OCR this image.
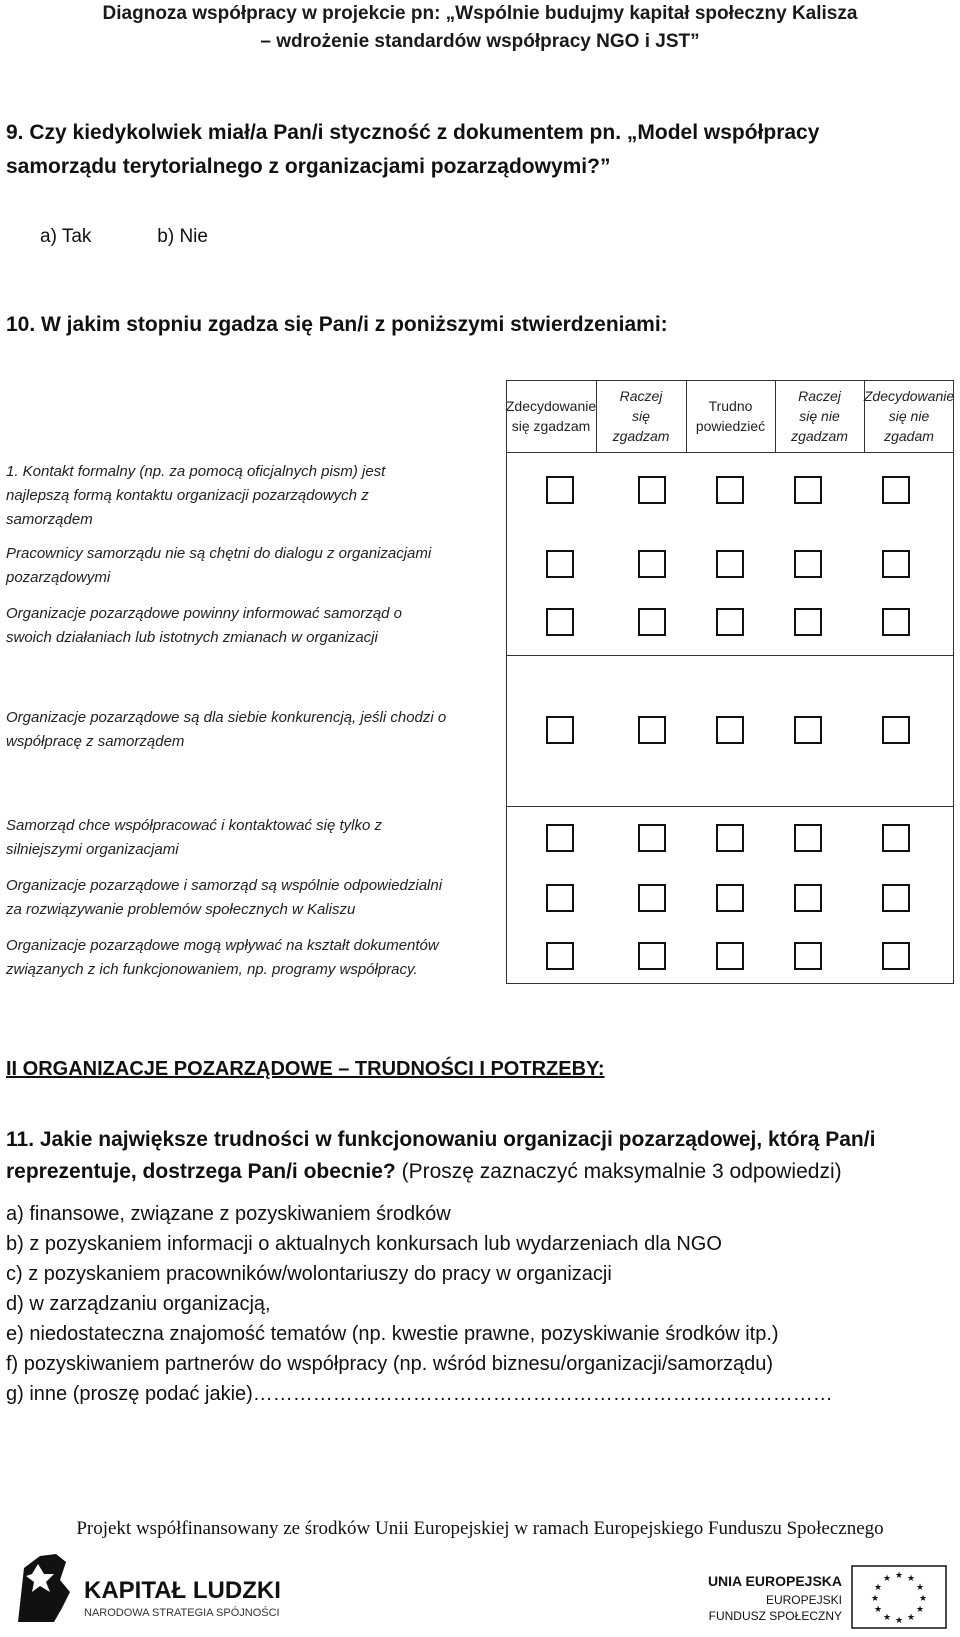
Diagnoza współpracy w projekcie pn: „Wspólnie budujmy kapitał społeczny Kalisza
– wdrożenie standardów współpracy NGO i JST”
9. Czy kiedykolwiek miał/a Pan/i styczność z dokumentem pn. „Model współpracy
samorządu terytorialnego z organizacjami pozarządowymi?”
a) Tak	b) Nie
10. W jakim stopniu zgadza się Pan/i z poniższymi stwierdzeniami:
Zdecydowanie
się zgadzam
Raczej
się
zgadzam
Trudno
powiedzieć
Raczej
się nie
zgadzam
Zdecydowanie
się nie
zgadam
1. Kontakt formalny (np. za pomocą oficjalnych pism) jest
najlepszą formą kontaktu organizacji pozarządowych z
samorządem
Pracownicy samorządu nie są chętni do dialogu z organizacjami
pozarządowymi
Organizacje pozarządowe powinny informować samorząd o
swoich działaniach lub istotnych zmianach w organizacji
Organizacje pozarządowe są dla siebie konkurencją, jeśli chodzi o
współpracę z samorządem
Samorząd chce współpracować i kontaktować się tylko z
silniejszymi organizacjami
Organizacje pozarządowe i samorząd są wspólnie odpowiedzialni
za rozwiązywanie problemów społecznych w Kaliszu
Organizacje pozarządowe mogą wpływać na kształt dokumentów
związanych z ich funkcjonowaniem, np. programy współpracy.
II ORGANIZACJE POZARZĄDOWE – TRUDNOŚCI I POTRZEBY:
11. Jakie największe trudności w funkcjonowaniu organizacji pozarządowej, którą Pan/i reprezentuje, dostrzega Pan/i obecnie? (Proszę zaznaczyć maksymalnie 3 odpowiedzi)
a) finansowe, związane z pozyskiwaniem środków
b) z pozyskaniem informacji o aktualnych konkursach lub wydarzeniach dla NGO
c) z pozyskaniem pracowników/wolontariuszy do pracy w organizacji
d) w zarządzaniu organizacją,
e) niedostateczna znajomość tematów (np. kwestie prawne, pozyskiwanie środków itp.)
f) pozyskiwaniem partnerów do współpracy (np. wśród biznesu/organizacji/samorządu)
g) inne (proszę podać jakie)……………………………………………………………………………
Projekt współfinansowany ze środków Unii Europejskiej w ramach Europejskiego Funduszu Społecznego
KAPITAŁ LUDZKI
NARODOWA STRATEGIA SPÓJNOŚCI
UNIA EUROPEJSKA
EUROPEJSKI
FUNDUSZ SPOŁECZNY
★ ★
★
★
★
★
★
★
★
★
★
★
